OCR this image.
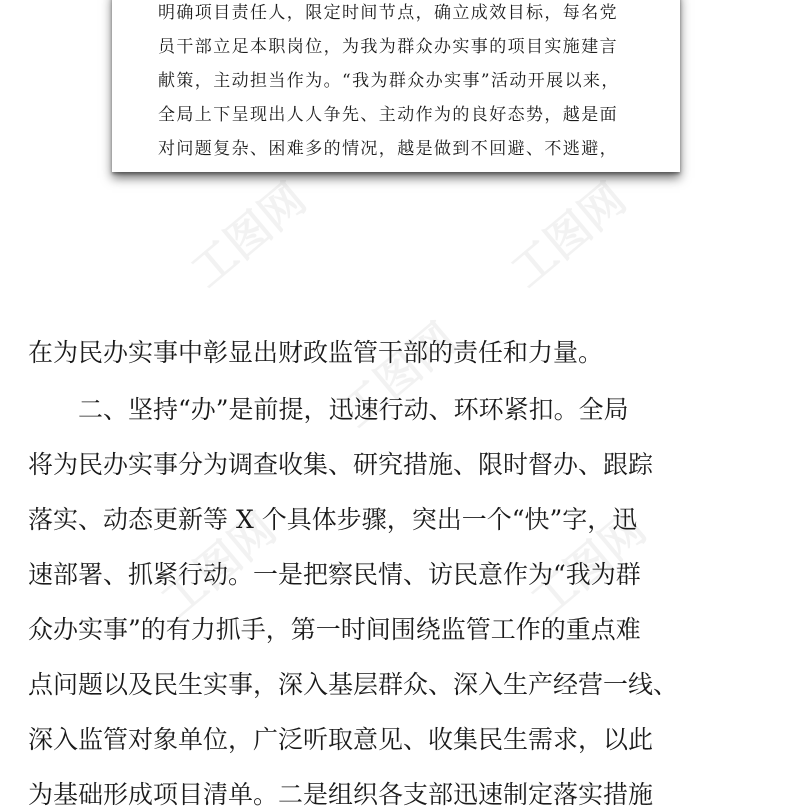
工图网	工图网
工图网
工图网	工图网
明确项目责任人，限定时间节点，确立成效目标，每名党
员干部立足本职岗位，为我为群众办实事的项目实施建言
献策，主动担当作为。“我为群众办实事”活动开展以来，
全局上下呈现出人人争先、主动作为的良好态势，越是面
对问题复杂、困难多的情况，越是做到不回避、不逃避，
在为民办实事中彰显出财政监管干部的责任和力量。
　　二、坚持“办”是前提，迅速行动、环环紧扣。全局
将为民办实事分为调查收集、研究措施、限时督办、跟踪
落实、动态更新等 X 个具体步骤，突出一个“快”字，迅
速部署、抓紧行动。一是把察民情、访民意作为“我为群
众办实事”的有力抓手，第一时间围绕监管工作的重点难
点问题以及民生实事，深入基层群众、深入生产经营一线、
深入监管对象单位，广泛听取意见、收集民生需求，以此
为基础形成项目清单。二是组织各支部迅速制定落实措施
